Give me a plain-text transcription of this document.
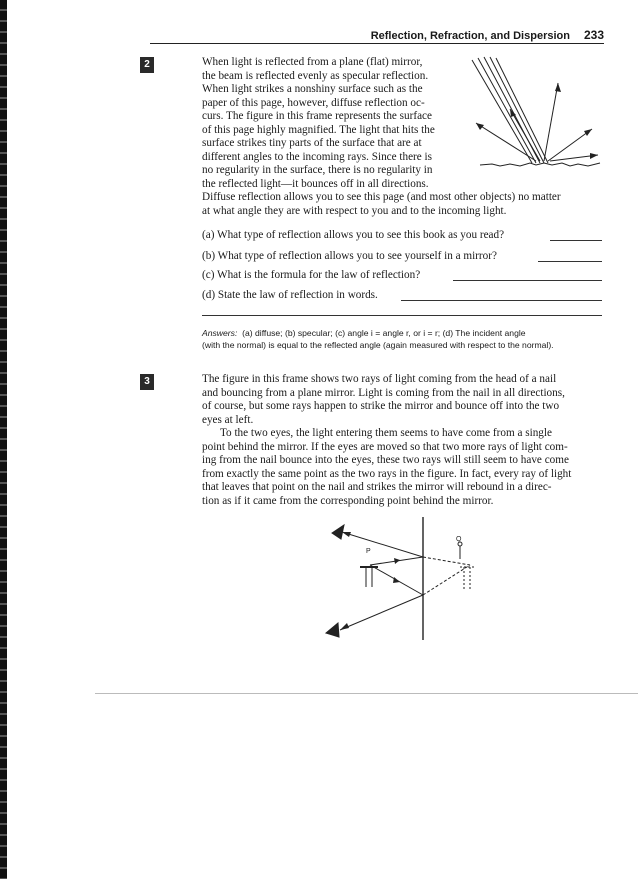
Reflection, Refraction, and Dispersion 233
2	When light is reflected from a plane (flat) mirror,

the beam is reflected evenly as specular reflection.

When light strikes a nonshiny surface such as the

paper of this page, however, diffuse reflection oc-

curs. The figure in this frame represents the surface

of this page highly magnified. The light that hits the

surface strikes tiny parts of the surface that are at

different angles to the incoming rays. Since there is

no regularity in the surface, there is no regularity in

the reflected light—it bounces off in all directions.

Diffuse reflection allows you to see this page (and most other objects) no matter

at what angle they are with respect to you and to the incoming light.

(a) What type of reflection allows you to see this book as you read?
(b) What type of reflection allows you to see yourself in a mirror?
(c) What is the formula for the law of reflection?
(d) State the law of reflection in words.
Answers: (a) diffuse; (b) specular; (c) angle i = angle r, or i = r; (d) The incident angle
(with the normal) is equal to the reflected angle (again measured with respect to the normal).
3	The figure in this frame shows two rays of light coming from the head of a nail

and bouncing from a plane mirror. Light is coming from the nail in all directions,

of course, but some rays happen to strike the mirror and bounce off into the two

eyes at left.

To the two eyes, the light entering them seems to have come from a single

point behind the mirror. If the eyes are moved so that two more rays of light com-

ing from the nail bounce into the eyes, these two rays will still seem to have come

from exactly the same point as the two rays in the figure. In fact, every ray of light

that leaves that point on the nail and strikes the mirror will rebound in a direc-

tion as if it came from the corresponding point behind the mirror.

P
Q
